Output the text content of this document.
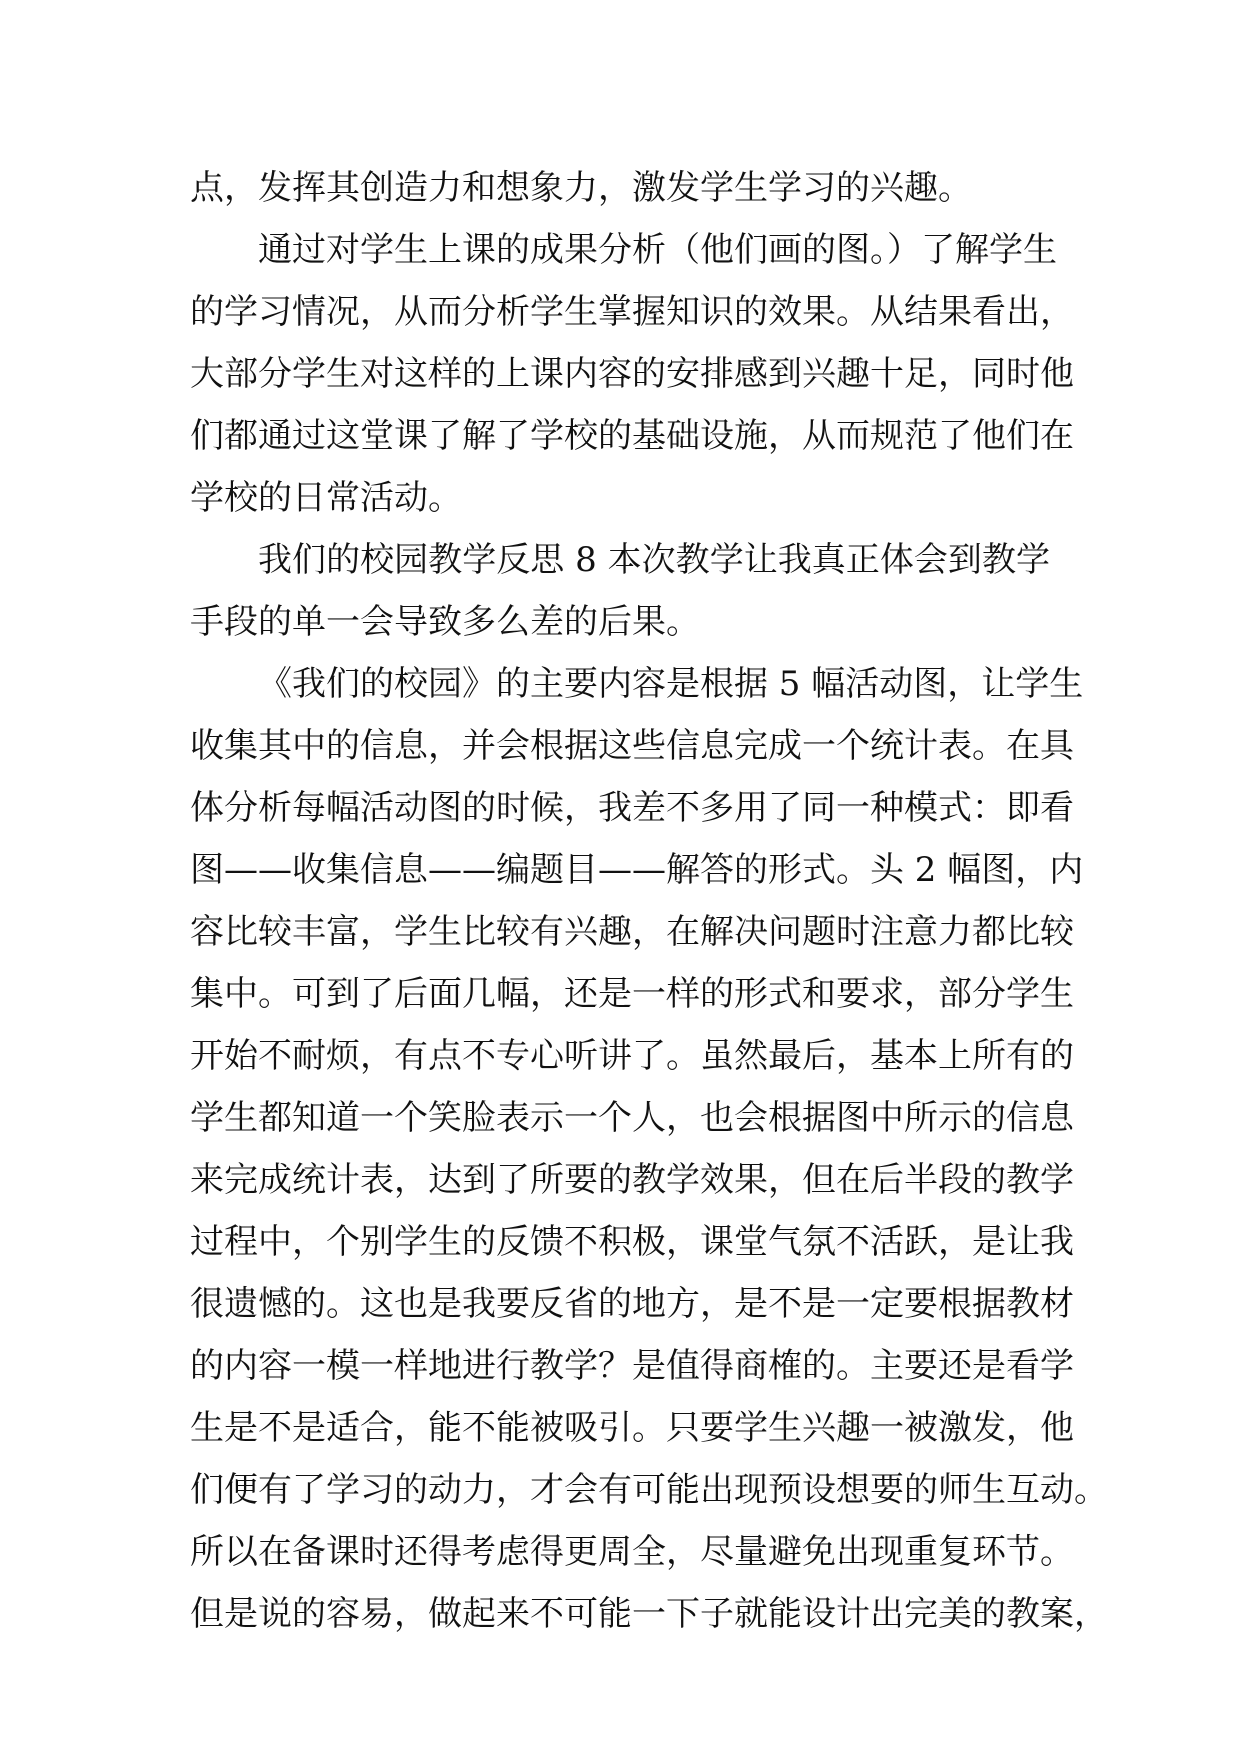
点，发挥其创造力和想象力，激发学生学习的兴趣。
通过对学生上课的成果分析（他们画的图。）了解学生
的学习情况，从而分析学生掌握知识的效果。从结果看出，
大部分学生对这样的上课内容的安排感到兴趣十足，同时他
们都通过这堂课了解了学校的基础设施，从而规范了他们在
学校的日常活动。
我们的校园教学反思 8 本次教学让我真正体会到教学
手段的单一会导致多么差的后果。
《我们的校园》的主要内容是根据 5 幅活动图，让学生
收集其中的信息，并会根据这些信息完成一个统计表。在具
体分析每幅活动图的时候，我差不多用了同一种模式：即看
图——收集信息——编题目——解答的形式。头 2 幅图，内
容比较丰富，学生比较有兴趣，在解决问题时注意力都比较
集中。可到了后面几幅，还是一样的形式和要求，部分学生
开始不耐烦，有点不专心听讲了。虽然最后，基本上所有的
学生都知道一个笑脸表示一个人，也会根据图中所示的信息
来完成统计表，达到了所要的教学效果，但在后半段的教学
过程中，个别学生的反馈不积极，课堂气氛不活跃，是让我
很遗憾的。这也是我要反省的地方，是不是一定要根据教材
的内容一模一样地进行教学？是值得商榷的。主要还是看学
生是不是适合，能不能被吸引。只要学生兴趣一被激发，他
们便有了学习的动力，才会有可能出现预设想要的师生互动。
所以在备课时还得考虑得更周全，尽量避免出现重复环节。
但是说的容易，做起来不可能一下子就能设计出完美的教案，
